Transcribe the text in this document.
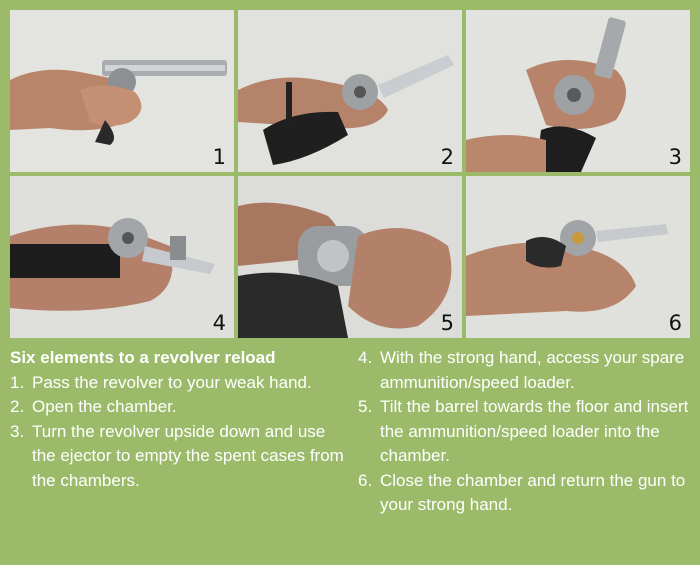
1	2	3
4	5	6
Six elements to a revolver reload
1. Pass the revolver to your weak hand.
2. Open the chamber.
3. Turn the revolver upside down and use the ejector to empty the spent cases from the chambers.
4. With the strong hand, access your spare ammunition/speed loader.
5. Tilt the barrel towards the floor and insert the ammunition/speed loader into the chamber.
6. Close the chamber and return the gun to your strong hand.
